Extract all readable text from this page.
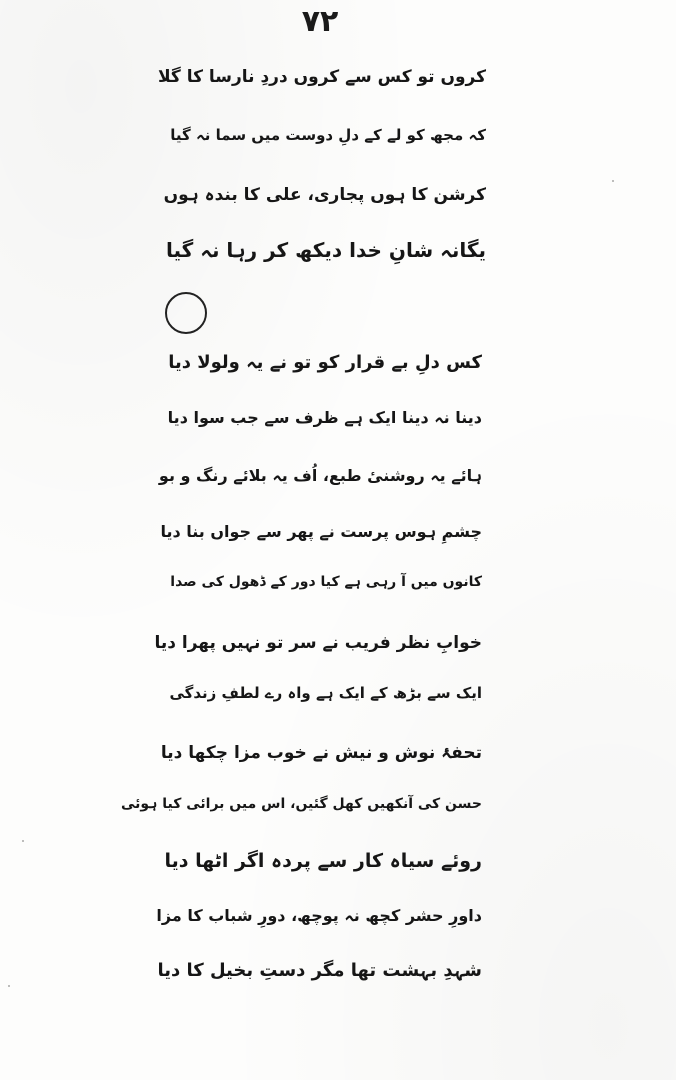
۷۲
کروں تو کس سے کروں دردِ نارسا کا گلا
کہ مجھ کو لے کے دلِ دوست میں سما نہ گیا
کرشن کا ہوں پجاری، علی کا بندہ ہوں
یگانہ شانِ خدا دیکھ کر رہا نہ گیا
کس دلِ بے قرار کو تو نے یہ ولولا دیا
دینا نہ دینا ایک ہے ظرف سے جب سوا دیا
ہائے یہ روشنیٔ طبع، اُف یہ بلائے رنگ و بو
چشمِ ہوس پرست نے پھر سے جواں بنا دیا
کانوں میں آ رہی ہے کیا دور کے ڈھول کی صدا
خوابِ نظر فریب نے سر تو نہیں پھرا دیا
ایک سے بڑھ کے ایک ہے واہ رے لطفِ زندگی
تحفۂ نوش و نیش نے خوب مزا چکھا دیا
حسن کی آنکھیں کھل گئیں، اس میں برائی کیا ہوئی
روئے سیاہ کار سے پردہ اگر اٹھا دیا
داورِ حشر کچھ نہ پوچھ، دورِ شباب کا مزا
شہدِ بہشت تھا مگر دستِ بخیل کا دیا
